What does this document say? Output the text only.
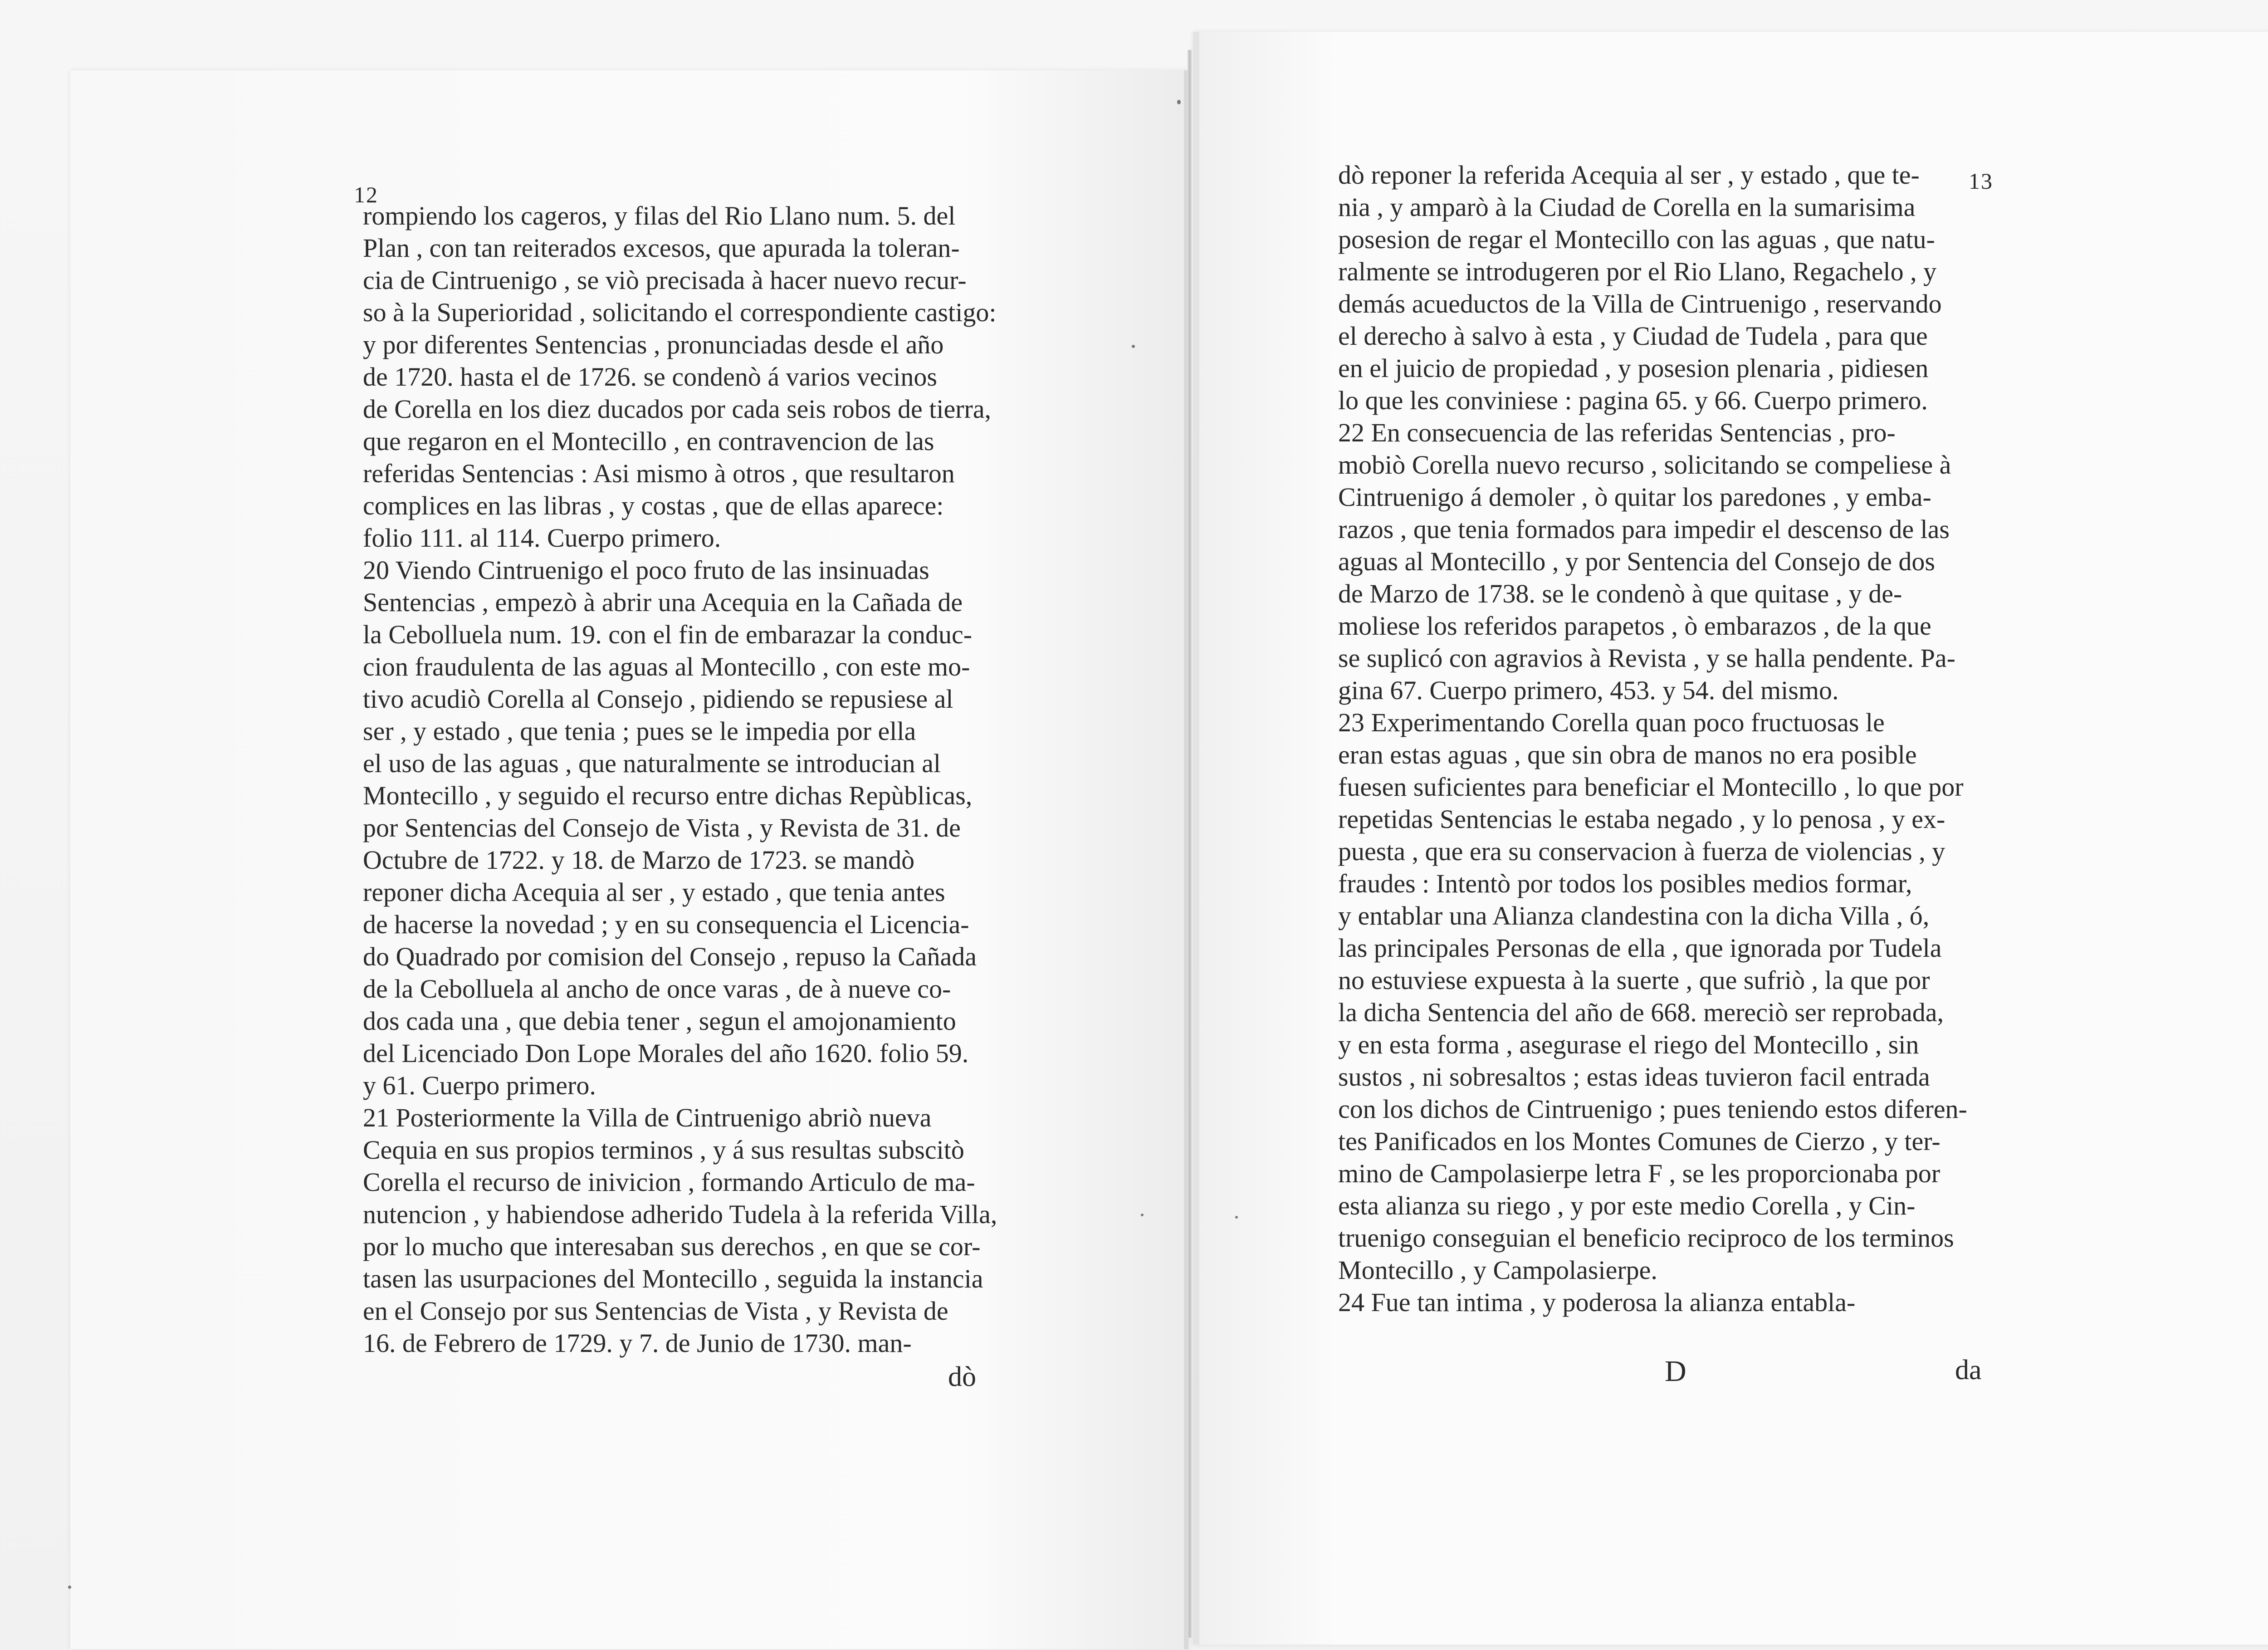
12
13
rompiendo los cageros, y filas del Rio Llano num. 5. del
Plan , con tan reiterados excesos, que apurada la toleran-
cia de Cintruenigo , se viò precisada à hacer nuevo recur-
so à la Superioridad , solicitando el correspondiente castigo:
y por diferentes Sentencias , pronunciadas desde el año
de 1720. hasta el de 1726. se condenò á varios vecinos
de Corella en los diez ducados por cada seis robos de tierra,
que regaron en el Montecillo , en contravencion de las
referidas Sentencias : Asi mismo à otros , que resultaron
complices en las libras , y costas , que de ellas aparece:
folio 111. al 114. Cuerpo primero.
20 Viendo Cintruenigo el poco fruto de las insinuadas
Sentencias , empezò à abrir una Acequia en la Cañada de
la Cebolluela num. 19. con el fin de embarazar la conduc-
cion fraudulenta de las aguas al Montecillo , con este mo-
tivo acudiò Corella al Consejo , pidiendo se repusiese al
ser , y estado , que tenia ; pues se le impedia por ella
el uso de las aguas , que naturalmente se introducian al
Montecillo , y seguido el recurso entre dichas Repùblicas,
por Sentencias del Consejo de Vista , y Revista de 31. de
Octubre de 1722. y 18. de Marzo de 1723. se mandò
reponer dicha Acequia al ser , y estado , que tenia antes
de hacerse la novedad ; y en su consequencia el Licencia-
do Quadrado por comision del Consejo , repuso la Cañada
de la Cebolluela al ancho de once varas , de à nueve co-
dos cada una , que debia tener , segun el amojonamiento
del Licenciado Don Lope Morales del año 1620. folio 59.
y 61. Cuerpo primero.
21 Posteriormente la Villa de Cintruenigo abriò nueva
Cequia en sus propios terminos , y á sus resultas subscitò
Corella el recurso de inivicion , formando Articulo de ma-
nutencion , y habiendose adherido Tudela à la referida Villa,
por lo mucho que interesaban sus derechos , en que se cor-
tasen las usurpaciones del Montecillo , seguida la instancia
en el Consejo por sus Sentencias de Vista , y Revista de
16. de Febrero de 1729. y 7. de Junio de 1730. man-
dò
dò reponer la referida Acequia al ser , y estado , que te-
nia , y amparò à la Ciudad de Corella en la sumarisima
posesion de regar el Montecillo con las aguas , que natu-
ralmente se introdugeren por el Rio Llano, Regachelo , y
demás acueductos de la Villa de Cintruenigo , reservando
el derecho à salvo à esta , y Ciudad de Tudela , para que
en el juicio de propiedad , y posesion plenaria , pidiesen
lo que les conviniese : pagina 65. y 66. Cuerpo primero.
22 En consecuencia de las referidas Sentencias , pro-
mobiò Corella nuevo recurso , solicitando se compeliese à
Cintruenigo á demoler , ò quitar los paredones , y emba-
razos , que tenia formados para impedir el descenso de las
aguas al Montecillo , y por Sentencia del Consejo de dos
de Marzo de 1738. se le condenò à que quitase , y de-
moliese los referidos parapetos , ò embarazos , de la que
se suplicó con agravios à Revista , y se halla pendente. Pa-
gina 67. Cuerpo primero, 453. y 54. del mismo.
23 Experimentando Corella quan poco fructuosas le
eran estas aguas , que sin obra de manos no era posible
fuesen suficientes para beneficiar el Montecillo , lo que por
repetidas Sentencias le estaba negado , y lo penosa , y ex-
puesta , que era su conservacion à fuerza de violencias , y
fraudes : Intentò por todos los posibles medios formar,
y entablar una Alianza clandestina con la dicha Villa , ó,
las principales Personas de ella , que ignorada por Tudela
no estuviese expuesta à la suerte , que sufriò , la que por
la dicha Sentencia del año de 668. mereciò ser reprobada,
y en esta forma , asegurase el riego del Montecillo , sin
sustos , ni sobresaltos ; estas ideas tuvieron facil entrada
con los dichos de Cintruenigo ; pues teniendo estos diferen-
tes Panificados en los Montes Comunes de Cierzo , y ter-
mino de Campolasierpe letra F , se les proporcionaba por
esta alianza su riego , y por este medio Corella , y Cin-
truenigo conseguian el beneficio reciproco de los terminos
Montecillo , y Campolasierpe.
24 Fue tan intima , y poderosa la alianza entabla-
D	da
